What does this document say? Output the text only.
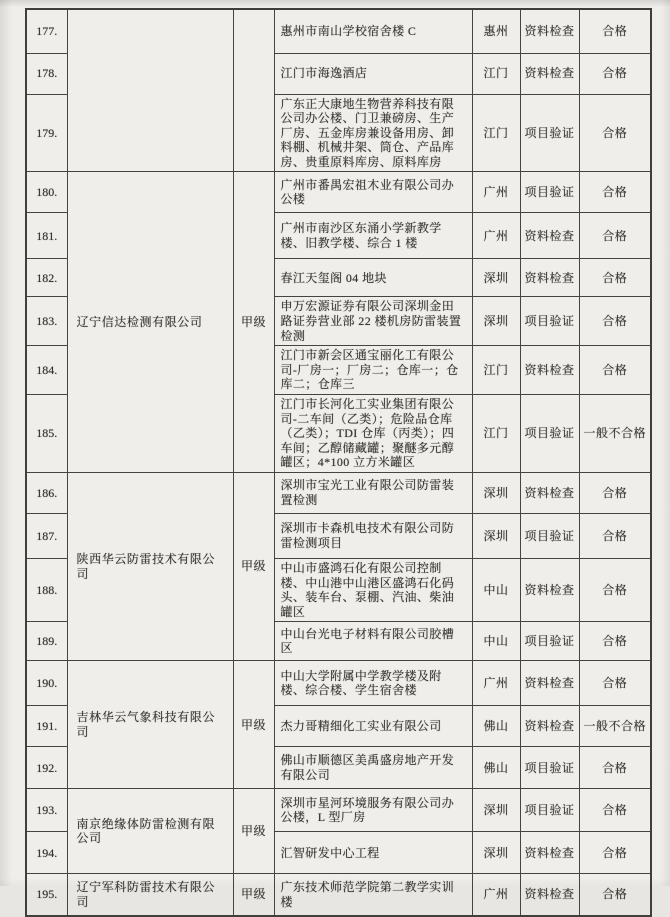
177.			惠州市南山学校宿舍楼 C	惠州	资料检查	合格
178.			江门市海逸酒店	江门	资料检查	合格
179.			广东正大康地生物营养科技有限公司办公楼、门卫兼磅房、生产厂房、五金库房兼设备用房、卸料棚、机械井架、筒仓、产品库房、贵重原料库房、原料库房	江门	项目验证	合格
180.	辽宁信达检测有限公司	甲级	广州市番禺宏祖木业有限公司办公楼	广州	项目验证	合格
181.			广州市南沙区东涌小学新教学楼、旧教学楼、综合 1 楼	广州	资料检查	合格
182.			春江天玺阁 04 地块	深圳	资料检查	合格
183.			申万宏源证券有限公司深圳金田路证券营业部 22 楼机房防雷装置检测	深圳	项目验证	合格
184.			江门市新会区通宝丽化工有限公司-厂房一；厂房二；仓库一；仓库二；仓库三	江门	资料检查	合格
185.			江门市长河化工实业集团有限公司-二车间（乙类）；危险品仓库（乙类）；TDI 仓库（丙类）；四车间；乙醇储藏罐；聚醚多元醇罐区；4*100 立方米罐区	江门	项目验证	一般不合格
186.	陕西华云防雷技术有限公司	甲级	深圳市宝光工业有限公司防雷装置检测	深圳	资料检查	合格
187.			深圳市卡森机电技术有限公司防雷检测项目	深圳	项目验证	合格
188.			中山市盛鸿石化有限公司控制楼、中山港中山港区盛鸿石化码头、装车台、泵棚、汽油、柴油罐区	中山	资料检查	合格
189.			中山台光电子材料有限公司胶槽区	中山	项目验证	合格
190.	吉林华云气象科技有限公司	甲级	中山大学附属中学教学楼及附楼、综合楼、学生宿舍楼	广州	资料检查	合格
191.			杰力哥精细化工实业有限公司	佛山	资料检查	一般不合格
192.			佛山市顺德区美禹盛房地产开发有限公司	佛山	项目验证	合格
193.	南京绝缘体防雷检测有限公司	甲级	深圳市星河环境服务有限公司办公楼，L 型厂房	深圳	项目验证	合格
194.			汇智研发中心工程	深圳	资料检查	合格
195.	辽宁军科防雷技术有限公司	甲级	广东技术师范学院第二教学实训楼	广州	资料检查	合格
